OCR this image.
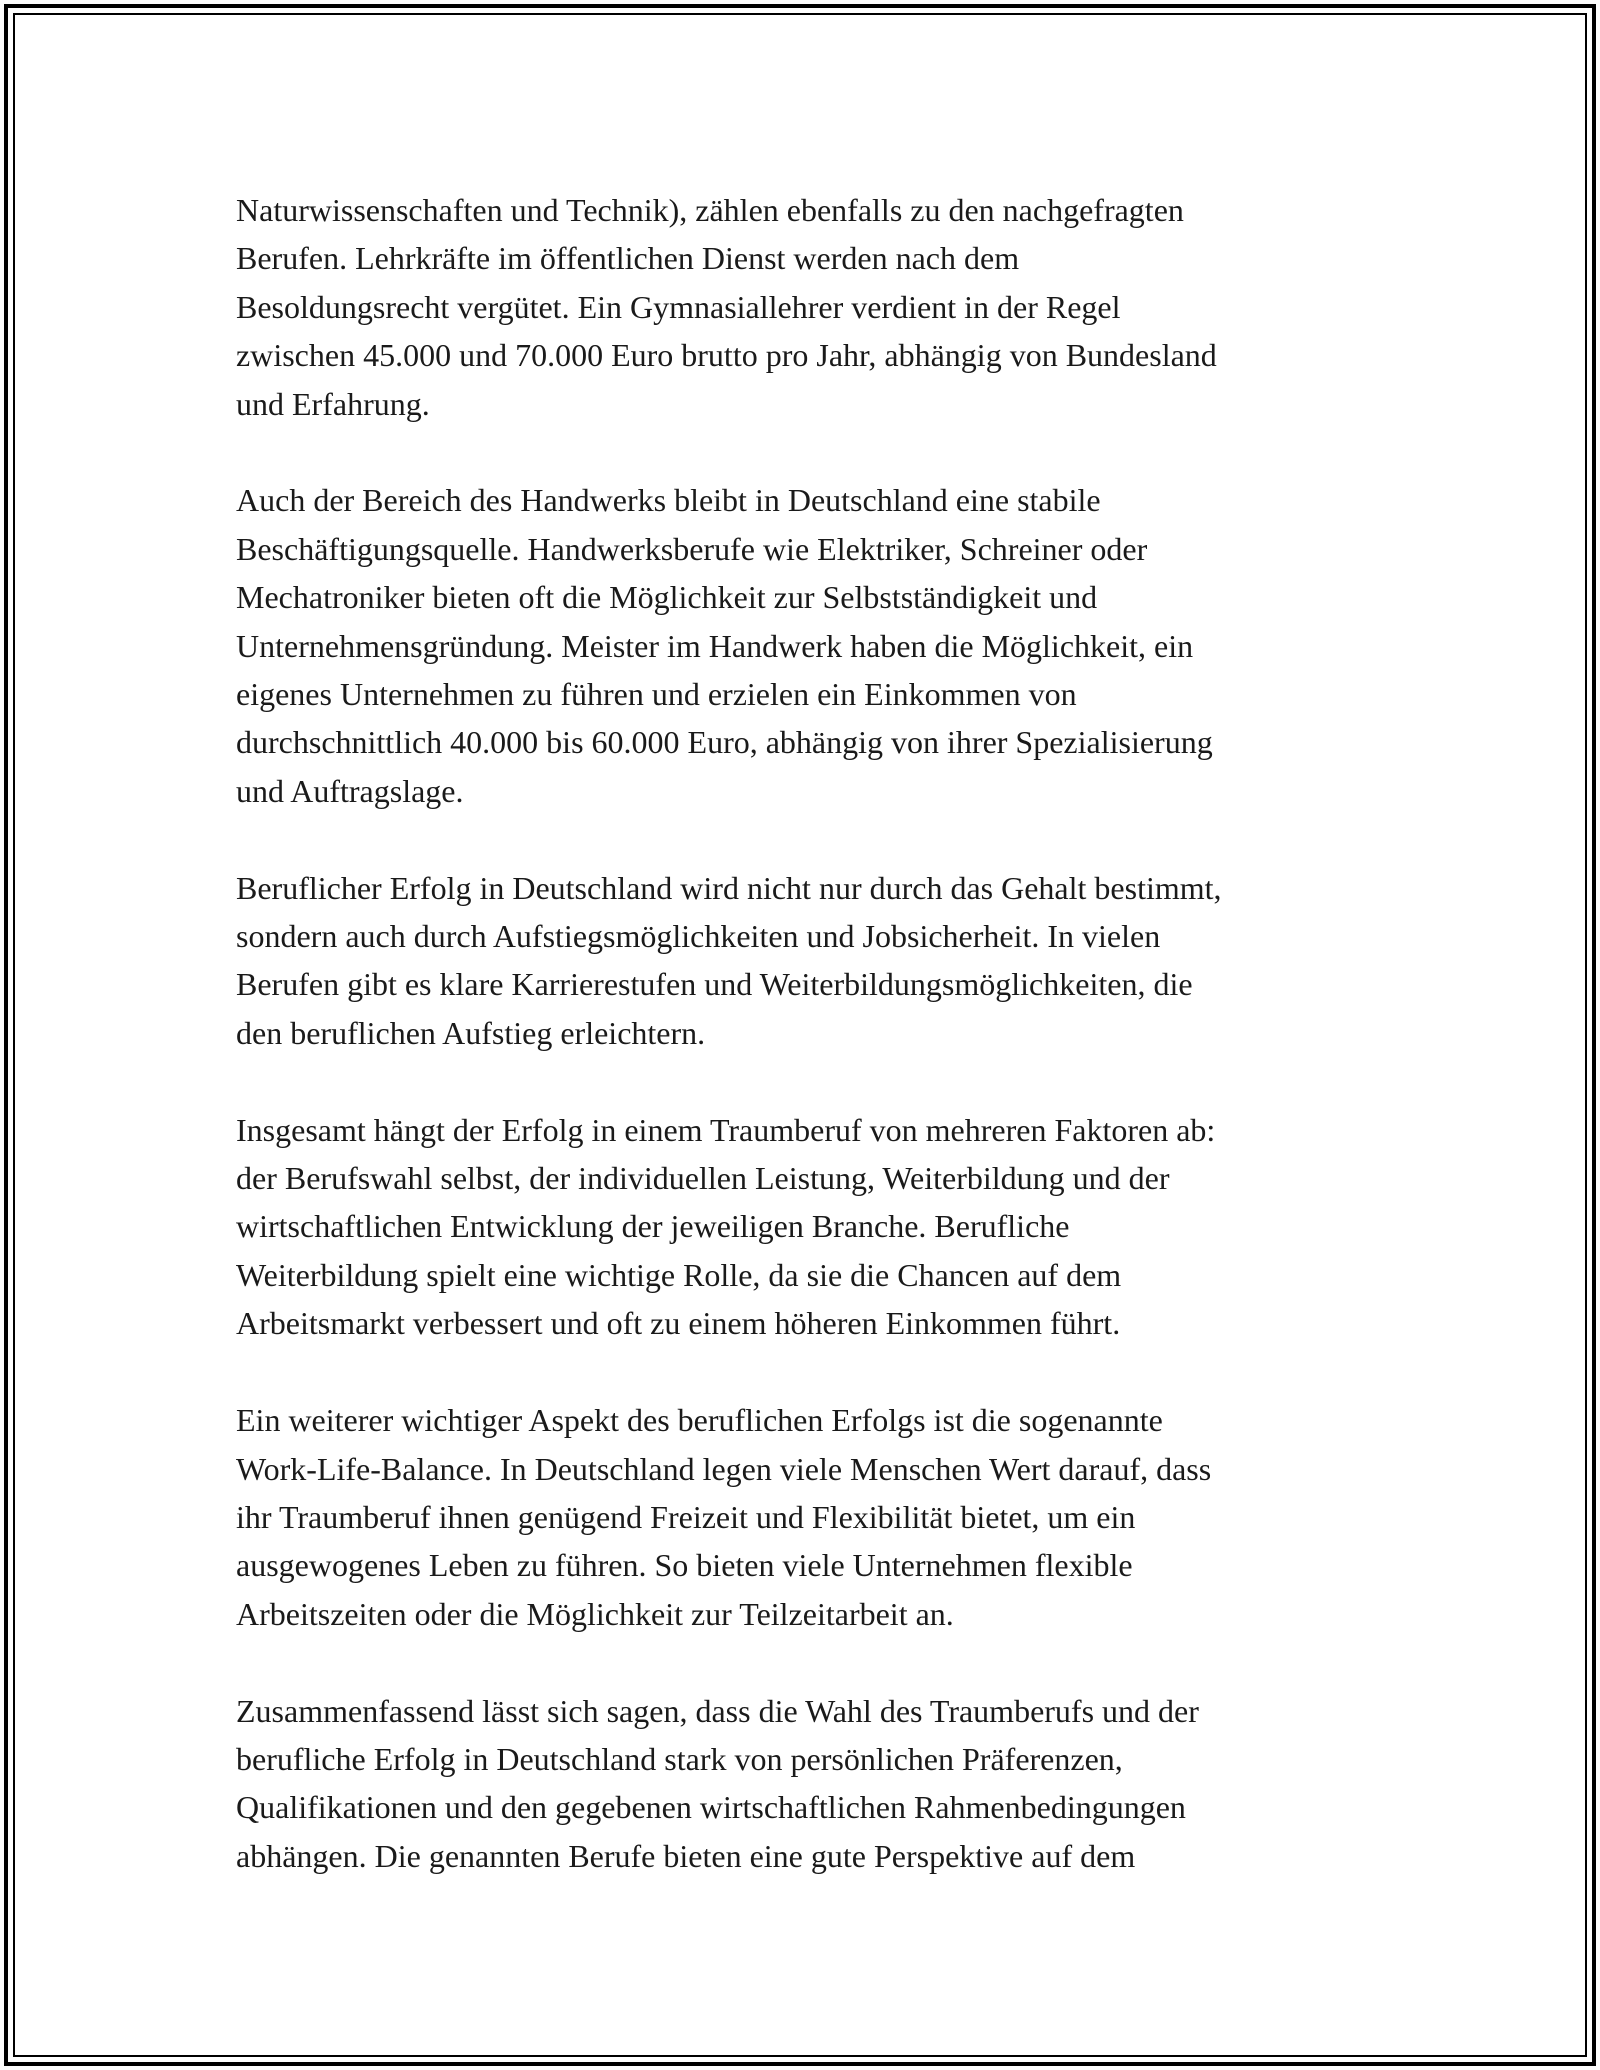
Naturwissenschaften und Technik), zählen ebenfalls zu den nachgefragten
Berufen. Lehrkräfte im öffentlichen Dienst werden nach dem
Besoldungsrecht vergütet. Ein Gymnasiallehrer verdient in der Regel
zwischen 45.000 und 70.000 Euro brutto pro Jahr, abhängig von Bundesland
und Erfahrung.

Auch der Bereich des Handwerks bleibt in Deutschland eine stabile
Beschäftigungsquelle. Handwerksberufe wie Elektriker, Schreiner oder
Mechatroniker bieten oft die Möglichkeit zur Selbstständigkeit und
Unternehmensgründung. Meister im Handwerk haben die Möglichkeit, ein
eigenes Unternehmen zu führen und erzielen ein Einkommen von
durchschnittlich 40.000 bis 60.000 Euro, abhängig von ihrer Spezialisierung
und Auftragslage.

Beruflicher Erfolg in Deutschland wird nicht nur durch das Gehalt bestimmt,
sondern auch durch Aufstiegsmöglichkeiten und Jobsicherheit. In vielen
Berufen gibt es klare Karrierestufen und Weiterbildungsmöglichkeiten, die
den beruflichen Aufstieg erleichtern.

Insgesamt hängt der Erfolg in einem Traumberuf von mehreren Faktoren ab:
der Berufswahl selbst, der individuellen Leistung, Weiterbildung und der
wirtschaftlichen Entwicklung der jeweiligen Branche. Berufliche
Weiterbildung spielt eine wichtige Rolle, da sie die Chancen auf dem
Arbeitsmarkt verbessert und oft zu einem höheren Einkommen führt.

Ein weiterer wichtiger Aspekt des beruflichen Erfolgs ist die sogenannte
Work-Life-Balance. In Deutschland legen viele Menschen Wert darauf, dass
ihr Traumberuf ihnen genügend Freizeit und Flexibilität bietet, um ein
ausgewogenes Leben zu führen. So bieten viele Unternehmen flexible
Arbeitszeiten oder die Möglichkeit zur Teilzeitarbeit an.

Zusammenfassend lässt sich sagen, dass die Wahl des Traumberufs und der
berufliche Erfolg in Deutschland stark von persönlichen Präferenzen,
Qualifikationen und den gegebenen wirtschaftlichen Rahmenbedingungen
abhängen. Die genannten Berufe bieten eine gute Perspektive auf dem
